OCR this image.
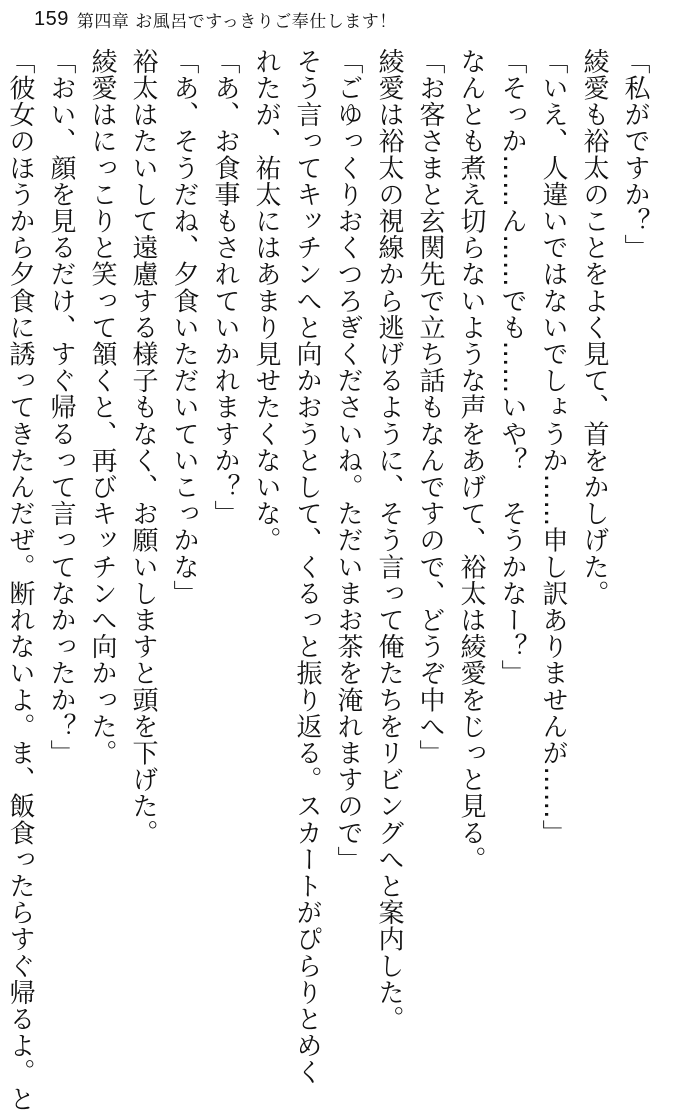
159 第四章 お風呂ですっきりご奉仕します！

「私がですか？」

綾愛も裕太のことをよく見て、首をかしげた。

「いえ、人違いではないでしょうか……申し訳ありませんが……」

「そっか……ん……でも……いや？　そうかなー？」

なんとも煮え切らないような声をあげて、裕太は綾愛をじっと見る。

「お客さまと玄関先で立ち話もなんですので、どうぞ中へ」

綾愛は裕太の視線から逃げるように、そう言って俺たちをリビングへと案内した。

「ごゆっくりおくつろぎくださいね。ただいまお茶を淹れますので」

そう言ってキッチンへと向かおうとして、くるっと振り返る。スカートがぴらりとめく

れたが、祐太にはあまり見せたくないな。

「あ、お食事もされていかれますか？」

「あ、そうだね、夕食いただいていこっかな」

裕太はたいして遠慮する様子もなく、お願いしますと頭を下げた。

綾愛はにっこりと笑って頷くと、再びキッチンへ向かった。

「おい、顔を見るだけ、すぐ帰るって言ってなかったか？」

「彼女のほうから夕食に誘ってきたんだぜ。断れないよ。ま、飯食ったらすぐ帰るよ。と
